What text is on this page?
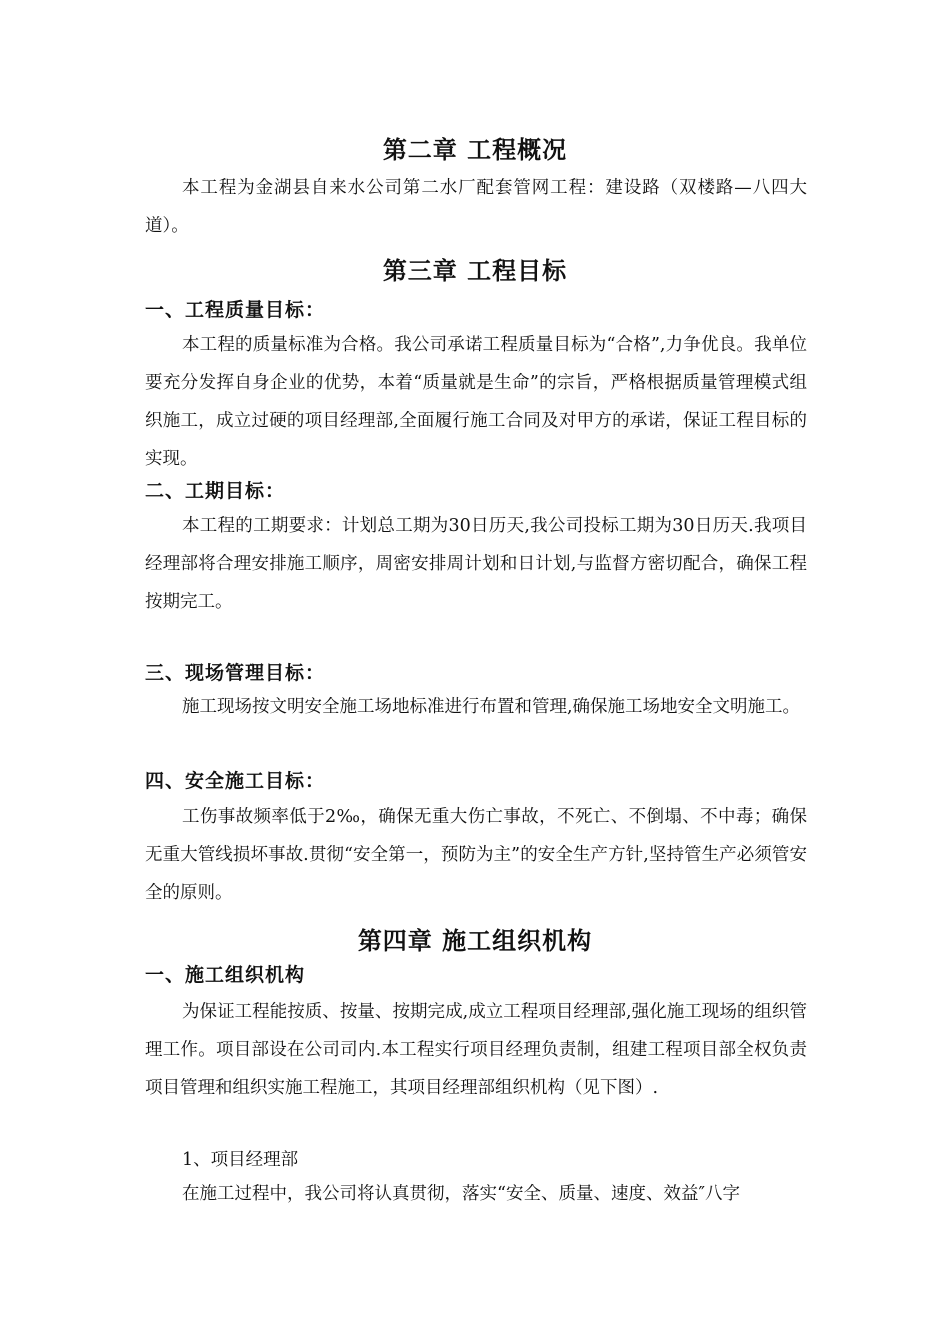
第二章 工程概况
本工程为金湖县自来水公司第二水厂配套管网工程：建设路（双楼路—八四大道）。
第三章 工程目标
一、工程质量目标：
本工程的质量标准为合格。我公司承诺工程质量目标为“合格”,力争优良。我单位要充分发挥自身企业的优势，本着“质量就是生命”的宗旨，严格根据质量管理模式组织施工，成立过硬的项目经理部,全面履行施工合同及对甲方的承诺，保证工程目标的实现。
二、工期目标：
本工程的工期要求：计划总工期为30日历天,我公司投标工期为30日历天.我项目经理部将合理安排施工顺序，周密安排周计划和日计划,与监督方密切配合，确保工程按期完工。
三、现场管理目标：
施工现场按文明安全施工场地标准进行布置和管理,确保施工场地安全文明施工。
四、安全施工目标：
工伤事故频率低于2‰，确保无重大伤亡事故，不死亡、不倒塌、不中毒；确保无重大管线损坏事故.贯彻“安全第一，预防为主”的安全生产方针,坚持管生产必须管安全的原则。
第四章 施工组织机构
一、施工组织机构
为保证工程能按质、按量、按期完成,成立工程项目经理部,强化施工现场的组织管理工作。项目部设在公司司内.本工程实行项目经理负责制，组建工程项目部全权负责项目管理和组织实施工程施工，其项目经理部组织机构（见下图）.
1、项目经理部
在施工过程中，我公司将认真贯彻，落实“安全、质量、速度、效益″八字
